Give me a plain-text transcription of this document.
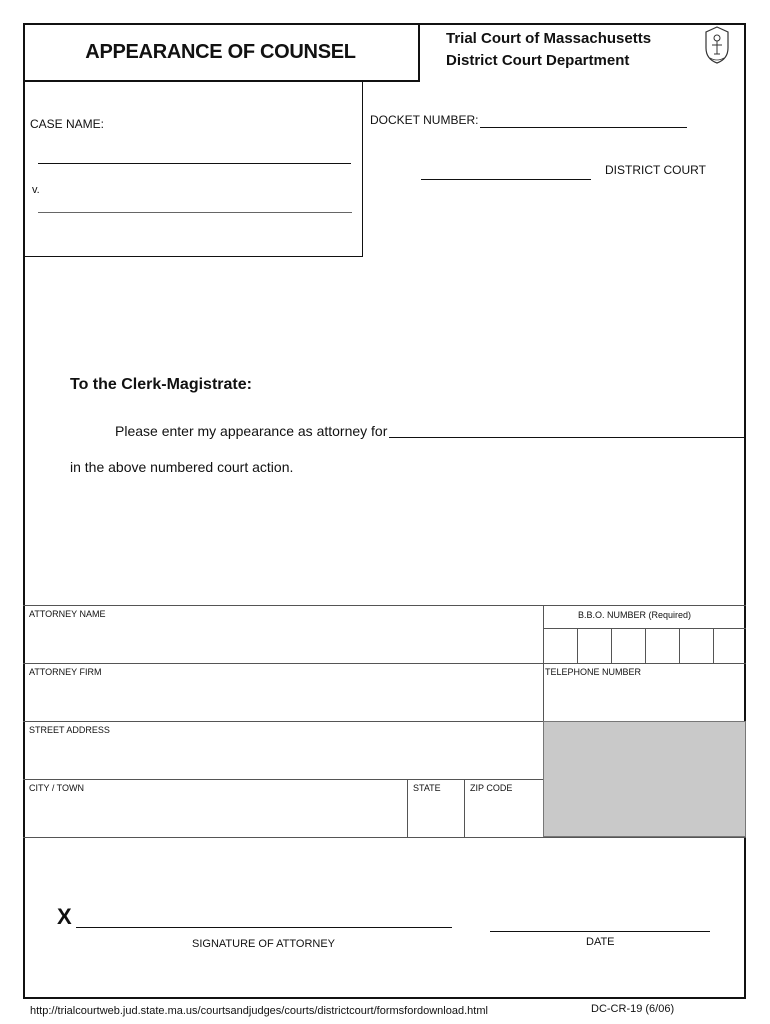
APPEARANCE OF COUNSEL
Trial Court of Massachusetts
District Court Department
CASE NAME:
v.
DOCKET NUMBER:
DISTRICT COURT
To the Clerk-Magistrate:
Please enter my appearance as attorney for
in the above numbered court action.
ATTORNEY NAME	B.B.O. NUMBER (Required)
ATTORNEY FIRM	TELEPHONE NUMBER
STREET ADDRESS
CITY / TOWN	STATE	ZIP CODE
X
SIGNATURE OF ATTORNEY	DATE
http://trialcourtweb.jud.state.ma.us/courtsandjudges/courts/districtcourt/formsfordownload.html	DC-CR-19 (6/06)
